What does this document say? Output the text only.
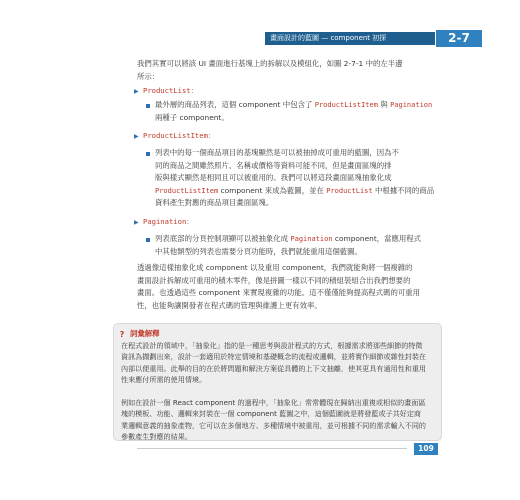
畫面設計的藍圖 — component 初探	2-7
我們其實可以將該 UI 畫面進行基塊上的拆解以及模組化，如圖 2-7-1 中的左半邊
所示：
▶ ProductList：
最外層的商品列表，這個 component 中包含了 ProductListItem 與 Pagination
兩種子 component。
▶ ProductListItem：
列表中的每一個商品項目的基塊顯然是可以被抽掉成可重用的藍圖，因為不
同的商品之間雖然照片、名稱或價格等資料可能不同，但是畫面區塊的排
版與樣式顯然是相同且可以被重用的。我們可以將這段畫面區塊抽象化成
ProductListItem component 來成為藍圖，並在 ProductList 中根據不同的商品
資料產生對應的商品項目畫面區塊。
▶ Pagination：
列表底部的分頁控制項顯可以被抽象化成 Pagination component，當應用程式
中其他類型的列表也需要分頁功能時，我們就能重用這個藍圖。
透過像這樣抽象化成 component 以及重用 component，我們就能夠將一個複雜的
畫面設計拆解成可重用的積木零件，像是拼圖一樣以不同的積組裝組合出我們想要的
畫面。也透過這些 component 來實現複雜的功能。這不僅僅能夠提高程式碼的可重用
性，也能夠讓開發者在程式碼的管理與維護上更有效率。
? 詞彙解釋
在程式設計的領域中，「抽象化」指的是一種思考與設計程式的方式，根據需求將那些細節的特徵資訊為擷劃出來，設計一套適用於特定情境和基礎概念的流程或邏輯，並將實作細節或雜性封裝在內部以便重用。此舉的目的在於將問題和解決方案從具體的上下文抽離，使其更具有通用性和重用性來應付所需的使用情境。
例如在設計一個 React component 的過程中，「抽象化」常常體現在歸納出重複或相似的畫面區塊的模板、功能、邏輯來封裝在一個 component 藍圖之中，這個藍圖就是將發藍或子共好定商業邏輯意義的抽象產物，它可以在多個地方、多種情境中被重用，並可根據不同的需求輸入不同的參數產生對應的結果。
109
